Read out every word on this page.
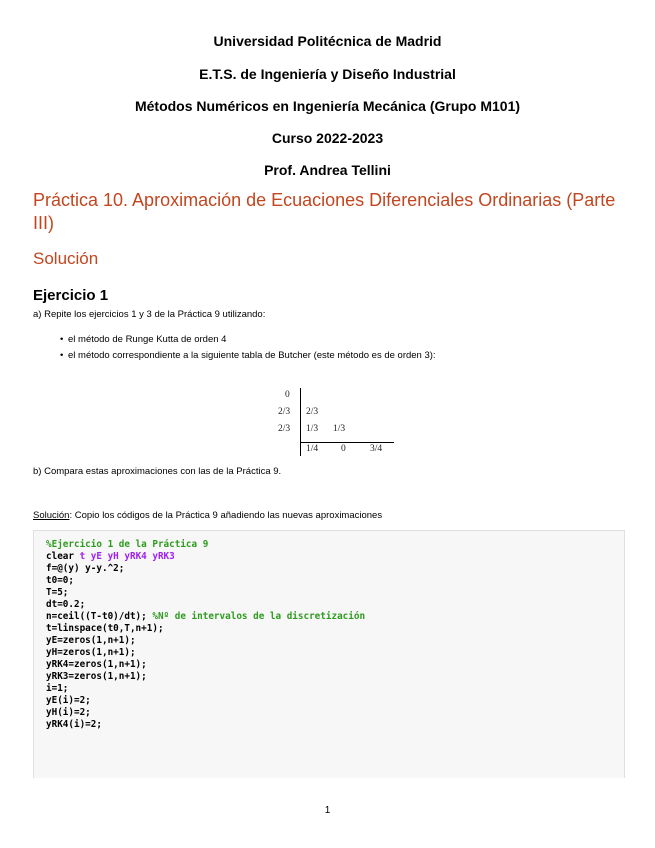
Universidad Politécnica de Madrid
E.T.S. de Ingeniería y Diseño Industrial
Métodos Numéricos en Ingeniería Mecánica (Grupo M101)
Curso 2022-2023
Prof. Andrea Tellini
Práctica 10. Aproximación de Ecuaciones Diferenciales Ordinarias (Parte III)
Solución
Ejercicio 1
a) Repite los ejercicios 1 y 3 de la Práctica 9 utilizando:
• el método de Runge Kutta de orden 4
• el método correspondiente a la siguiente tabla de Butcher (este método es de orden 3):
0
2/3
2/3
2/3
1/3 1/3
1/4 0	3/4
b) Compara estas aproximaciones con las de la Práctica 9.
Solución: Copio los códigos de la Práctica 9 añadiendo las nuevas aproximaciones
%Ejercicio 1 de la Práctica 9
clear t yE yH yRK4 yRK3
f=@(y) y-y.^2;
t0=0;
T=5;
dt=0.2;
n=ceil((T-t0)/dt); %Nº de intervalos de la discretización
t=linspace(t0,T,n+1);
yE=zeros(1,n+1);
yH=zeros(1,n+1);
yRK4=zeros(1,n+1);
yRK3=zeros(1,n+1);
i=1;
yE(i)=2;
yH(i)=2;
yRK4(i)=2;
1
